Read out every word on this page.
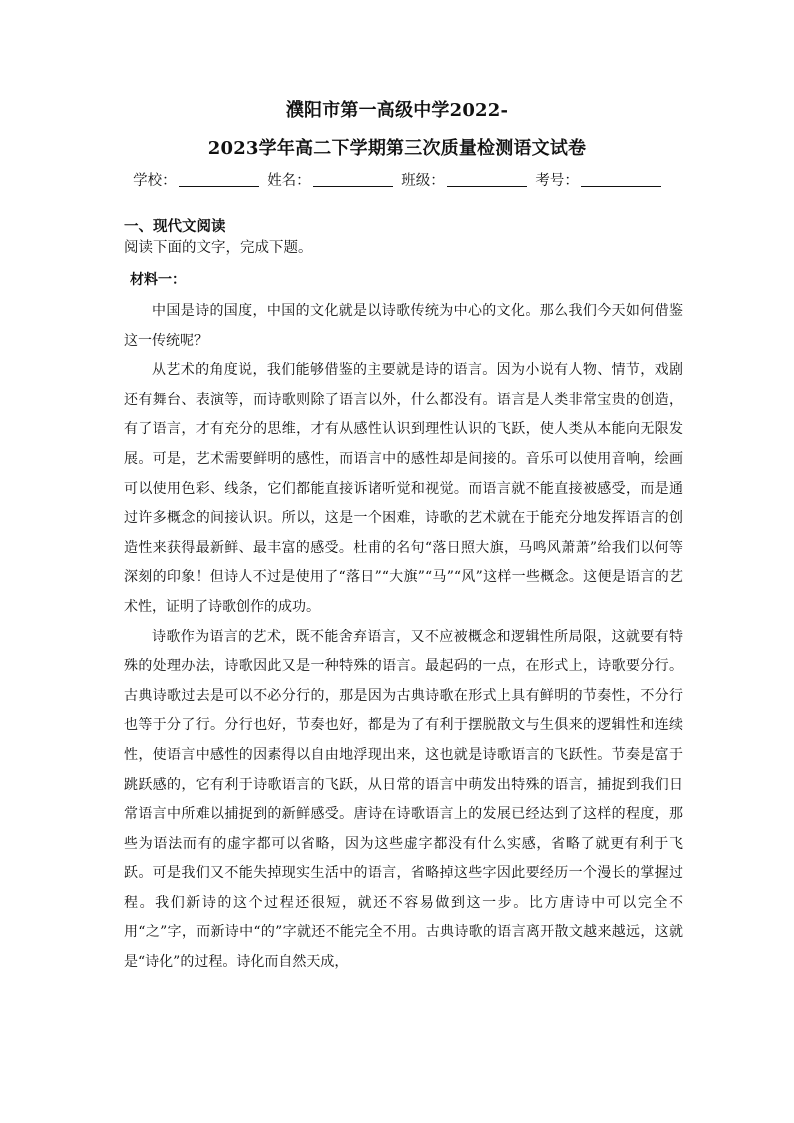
濮阳市第一高级中学2022-
2023学年高二下学期第三次质量检测语文试卷
学校：	姓名：	班级：	考号：
一、现代文阅读
阅读下面的文字，完成下题。
材料一：

中国是诗的国度，中国的文化就是以诗歌传统为中心的文化。那么我们今天如何借鉴这一传统呢？

从艺术的角度说，我们能够借鉴的主要就是诗的语言。因为小说有人物、情节，戏剧还有舞台、表演等，而诗歌则除了语言以外，什么都没有。语言是人类非常宝贵的创造，有了语言，才有充分的思维，才有从感性认识到理性认识的飞跃，使人类从本能向无限发展。可是，艺术需要鲜明的感性，而语言中的感性却是间接的。音乐可以使用音响，绘画可以使用色彩、线条，它们都能直接诉诸听觉和视觉。而语言就不能直接被感受，而是通过许多概念的间接认识。所以，这是一个困难，诗歌的艺术就在于能充分地发挥语言的创造性来获得最新鲜、最丰富的感受。杜甫的名句“落日照大旗，马鸣风萧萧”给我们以何等深刻的印象！但诗人不过是使用了“落日”“大旗”“马”“风”这样一些概念。这便是语言的艺术性，证明了诗歌创作的成功。

诗歌作为语言的艺术，既不能舍弃语言，又不应被概念和逻辑性所局限，这就要有特殊的处理办法，诗歌因此又是一种特殊的语言。最起码的一点，在形式上，诗歌要分行。古典诗歌过去是可以不必分行的，那是因为古典诗歌在形式上具有鲜明的节奏性，不分行也等于分了行。分行也好，节奏也好，都是为了有利于摆脱散文与生俱来的逻辑性和连续性，使语言中感性的因素得以自由地浮现出来，这也就是诗歌语言的飞跃性。节奏是富于跳跃感的，它有利于诗歌语言的飞跃，从日常的语言中萌发出特殊的语言，捕捉到我们日常语言中所难以捕捉到的新鲜感受。唐诗在诗歌语言上的发展已经达到了这样的程度，那些为语法而有的虚字都可以省略，因为这些虚字都没有什么实感，省略了就更有利于飞跃。可是我们又不能失掉现实生活中的语言，省略掉这些字因此要经历一个漫长的掌握过程。我们新诗的这个过程还很短，就还不容易做到这一步。比方唐诗中可以完全不用“之”字，而新诗中“的”字就还不能完全不用。古典诗歌的语言离开散文越来越远，这就是“诗化”的过程。诗化而自然天成，
